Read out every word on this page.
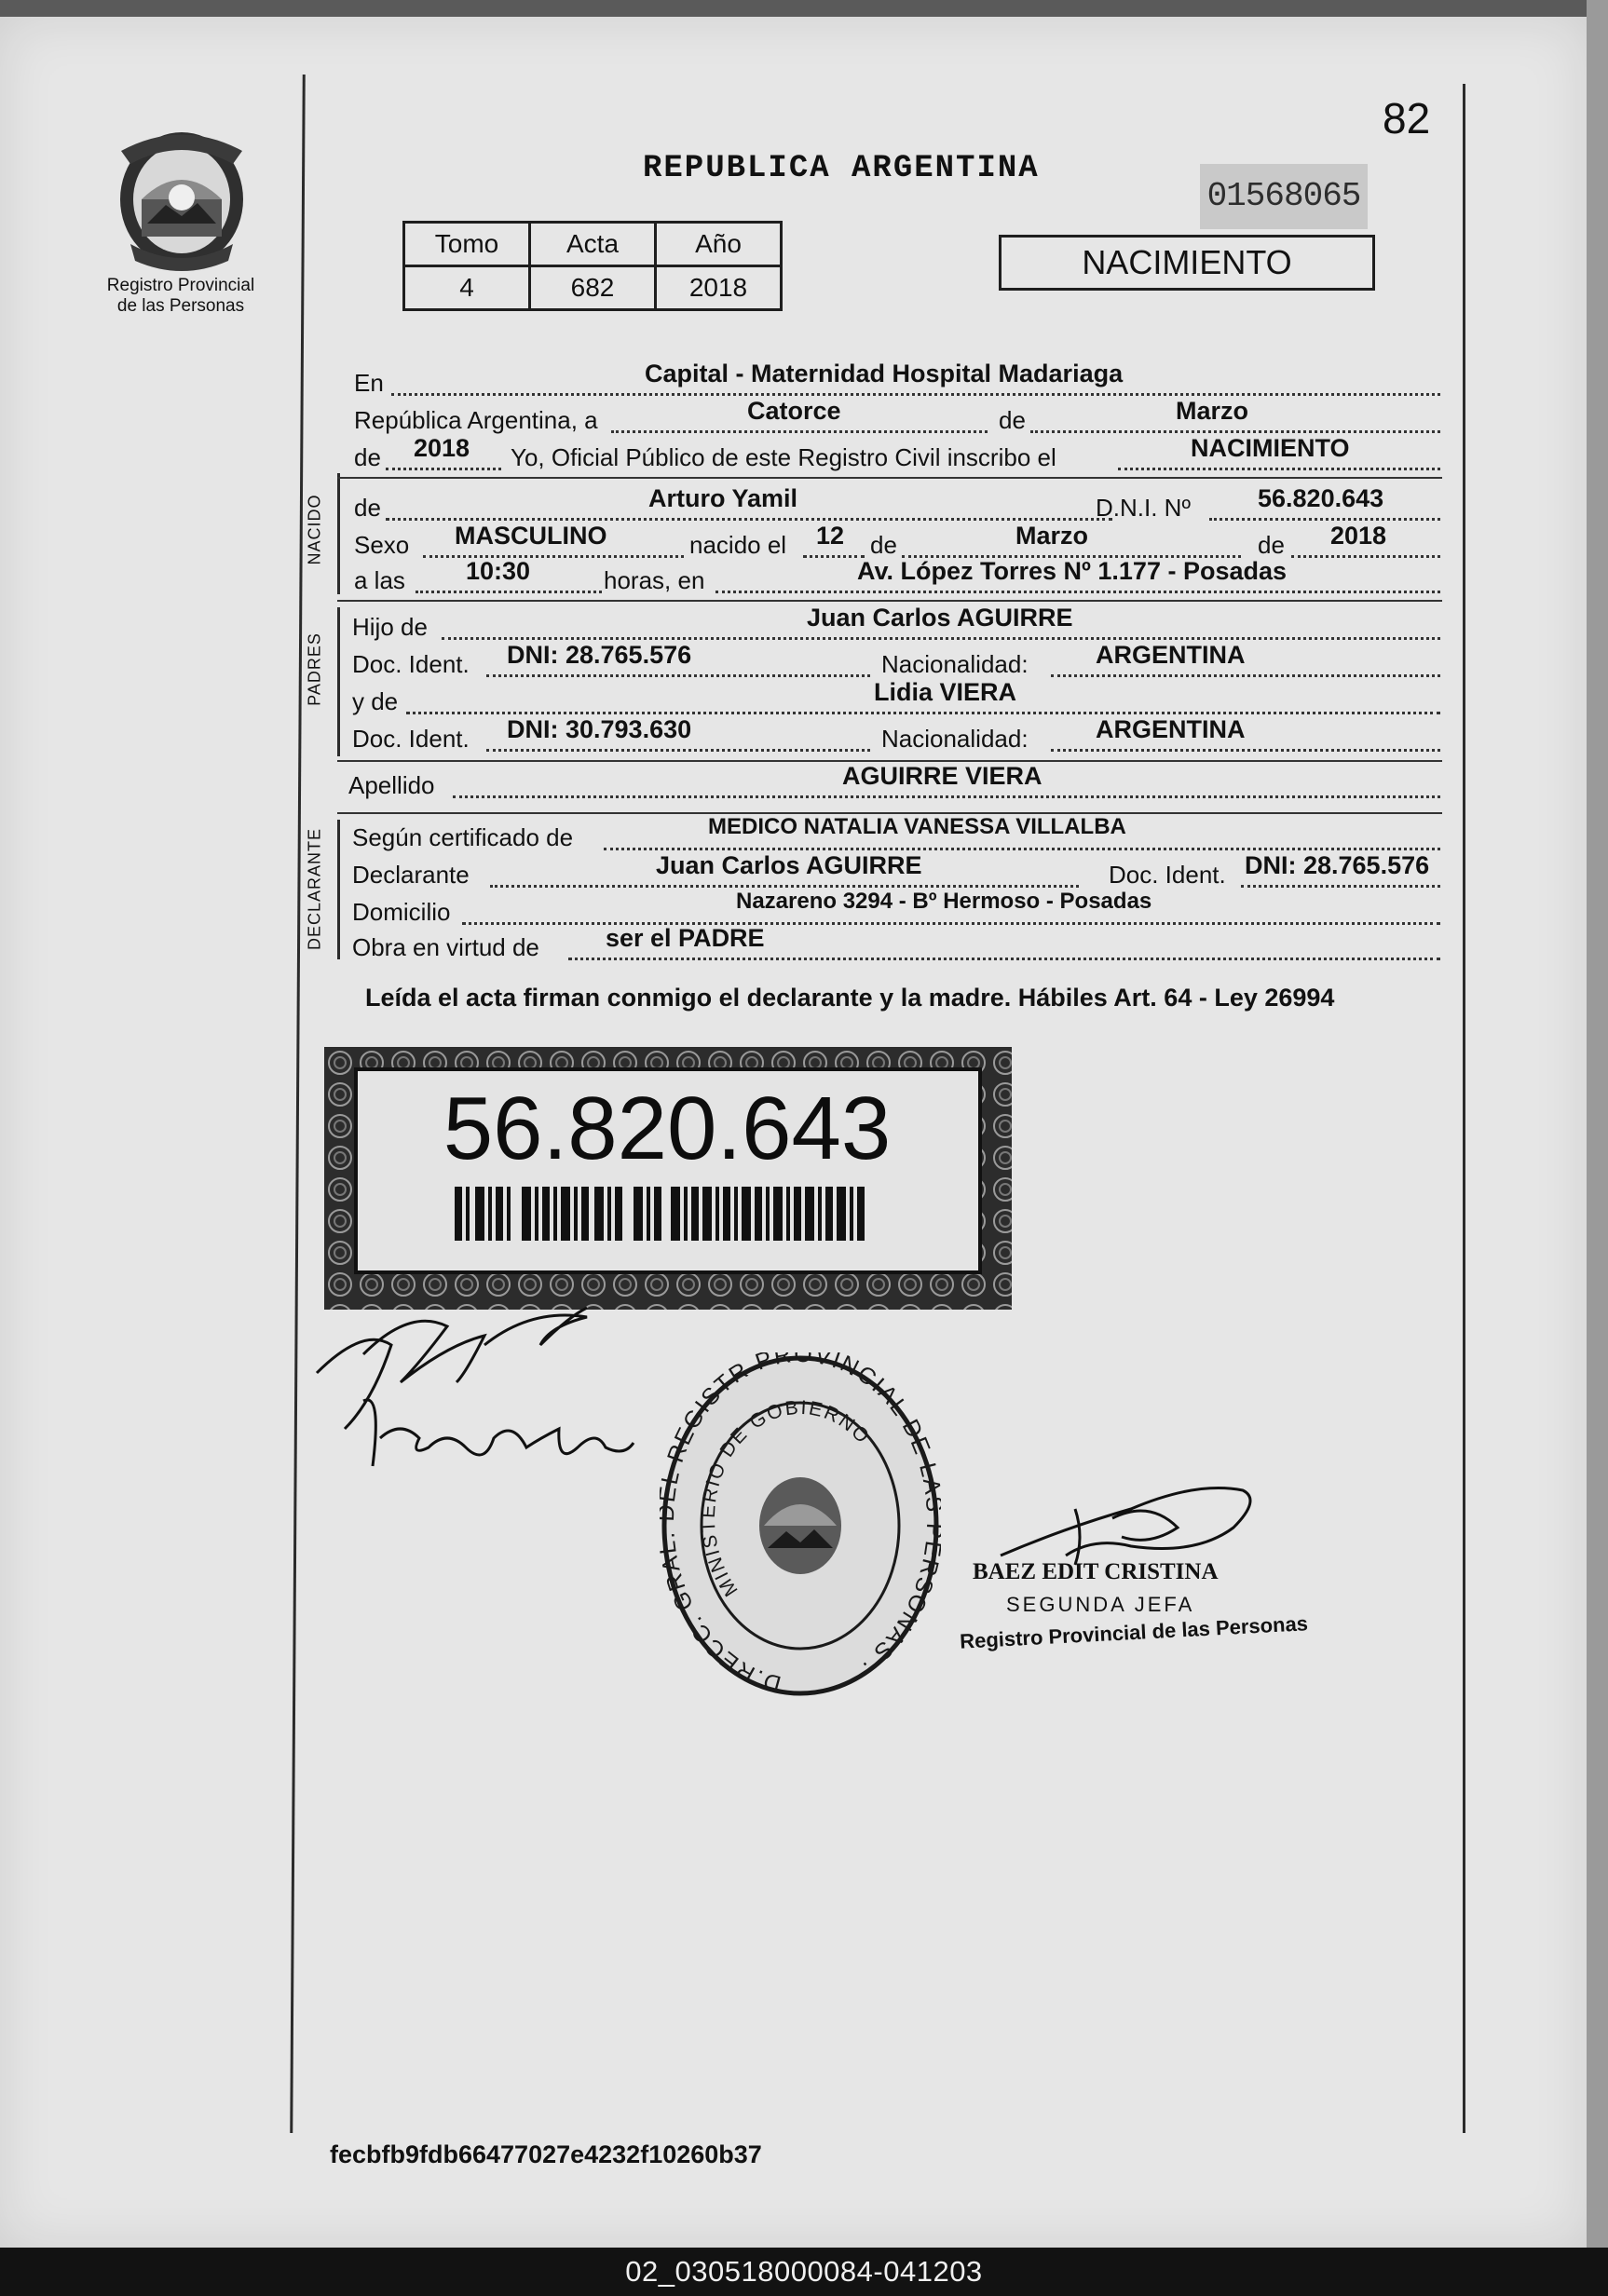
82
REPUBLICA ARGENTINA
01568065
NACIMIENTO
Registro Provincial de las Personas
Tomo	Acta	Año
4	682	2018
NACIDO
PADRES
DECLARANTE
En	Capital - Maternidad Hospital Madariaga
República Argentina, a	Catorce	de	Marzo
de 2018 Yo, Oficial Público de este Registro Civil inscribo el	NACIMIENTO
de	Arturo Yamil	D.N.I. Nº	56.820.643
Sexo MASCULINO	nacido el 12 de	Marzo	de 2018
a las 10:30	horas, en	Av. López Torres Nº 1.177 - Posadas
Hijo de	Juan Carlos AGUIRRE
Doc. Ident. DNI: 28.765.576	Nacionalidad:	ARGENTINA
y de	Lidia VIERA
Doc. Ident. DNI: 30.793.630	Nacionalidad:	ARGENTINA
Apellido	AGUIRRE VIERA
Según certificado de	MEDICO NATALIA VANESSA VILLALBA
Declarante	Juan Carlos AGUIRRE	Doc. Ident. DNI: 28.765.576
Domicilio	Nazareno 3294 - Bº Hermoso - Posadas
Obra en virtud de	ser el PADRE
Leída el acta firman conmigo el declarante y la madre. Hábiles Art. 64 - Ley 26994
56.820.643
D.RECC. GR REGISTR PROVINCIAL DE L RSONAS ·
MINISTERIO DE GOBIERNO
BAEZ EDIT CRISTINA
SEGUNDA JEFA
Registro Provincial de las Personas
fecbfb9fdb66477027e4232f10260b37
02_030518000084-041203
